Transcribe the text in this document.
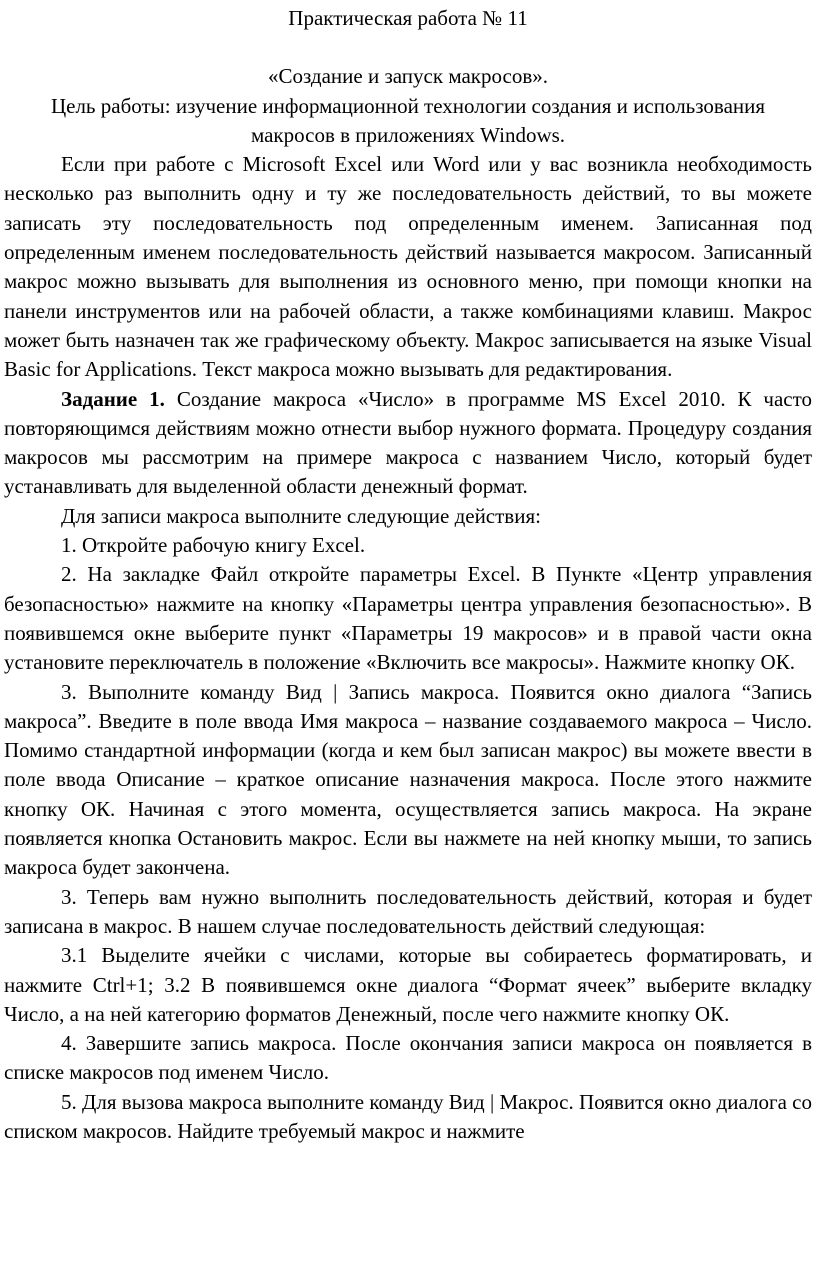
Практическая работа № 11

«Создание и запуск макросов».

Цель работы: изучение информационной технологии создания и использования макросов в приложениях Windows.

Если при работе с Microsoft Excel или Word или у вас возникла необходимость несколько раз выполнить одну и ту же последовательность действий, то вы можете записать эту последовательность под определенным именем. Записанная под определенным именем последовательность действий называется макросом. Записанный макрос можно вызывать для выполнения из основного меню, при помощи кнопки на панели инструментов или на рабочей области, а также комбинациями клавиш. Макрос может быть назначен так же графическому объекту. Макрос записывается на языке Visual Basic for Applications. Текст макроса можно вызывать для редактирования.

Задание 1. Создание макроса «Число» в программе MS Excel 2010. К часто повторяющимся действиям можно отнести выбор нужного формата. Процедуру создания макросов мы рассмотрим на примере макроса с названием Число, который будет устанавливать для выделенной области денежный формат.

Для записи макроса выполните следующие действия:

1. Откройте рабочую книгу Excel.

2. На закладке Файл откройте параметры Excel. В Пункте «Центр управления безопасностью» нажмите на кнопку «Параметры центра управления безопасностью». В появившемся окне выберите пункт «Параметры 19 макросов» и в правой части окна установите переключатель в положение «Включить все макросы». Нажмите кнопку ОК.

3. Выполните команду Вид | Запись макроса. Появится окно диалога “Запись макроса”. Введите в поле ввода Имя макроса – название создаваемого макроса – Число. Помимо стандартной информации (когда и кем был записан макрос) вы можете ввести в поле ввода Описание – краткое описание назначения макроса. После этого нажмите кнопку ОК. Начиная с этого момента, осуществляется запись макроса. На экране появляется кнопка Остановить макрос. Если вы нажмете на ней кнопку мыши, то запись макроса будет закончена.

3. Теперь вам нужно выполнить последовательность действий, которая и будет записана в макрос. В нашем случае последовательность действий следующая:

3.1 Выделите ячейки с числами, которые вы собираетесь форматировать, и нажмите Ctrl+1; 3.2 В появившемся окне диалога “Формат ячеек” выберите вкладку Число, а на ней категорию форматов Денежный, после чего нажмите кнопку ОК.

4. Завершите запись макроса. После окончания записи макроса он появляется в списке макросов под именем Число.

5. Для вызова макроса выполните команду Вид | Макрос. Появится окно диалога со списком макросов. Найдите требуемый макрос и нажмите
